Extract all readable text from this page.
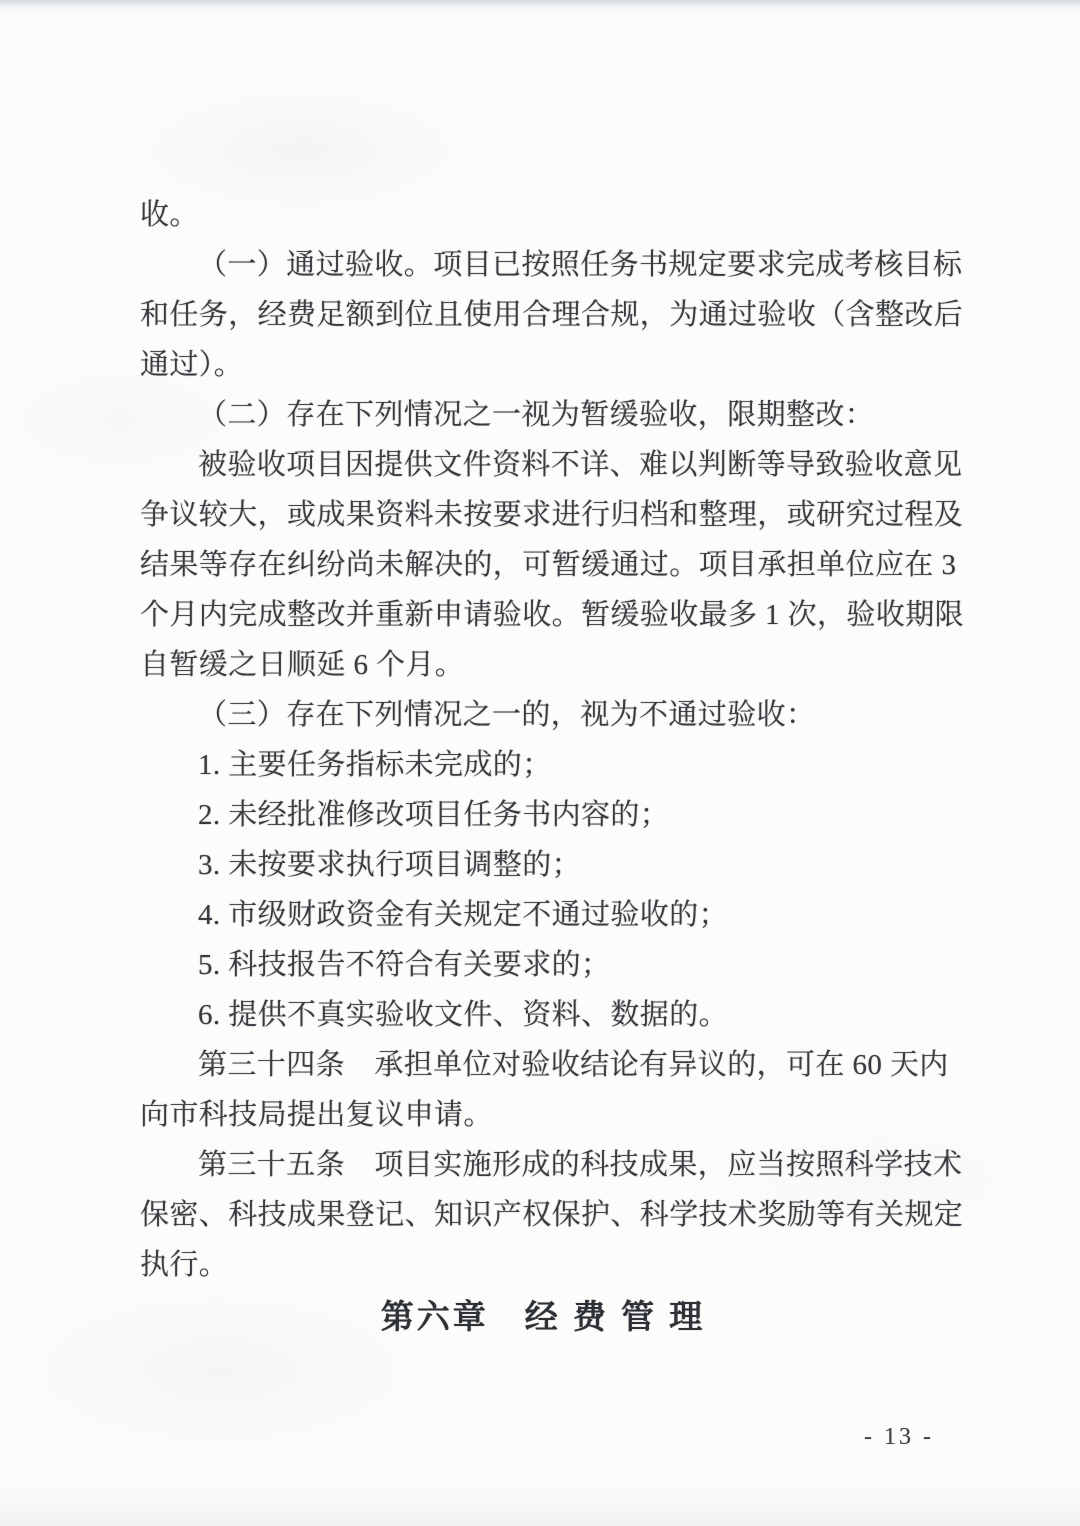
收。
（一）通过验收。项目已按照任务书规定要求完成考核目标
和任务，经费足额到位且使用合理合规，为通过验收（含整改后
通过）。
（二）存在下列情况之一视为暂缓验收，限期整改：
被验收项目因提供文件资料不详、难以判断等导致验收意见
争议较大，或成果资料未按要求进行归档和整理，或研究过程及
结果等存在纠纷尚未解决的，可暂缓通过。项目承担单位应在 3
个月内完成整改并重新申请验收。暂缓验收最多 1 次，验收期限
自暂缓之日顺延 6 个月。
（三）存在下列情况之一的，视为不通过验收：
1. 主要任务指标未完成的；
2. 未经批准修改项目任务书内容的；
3. 未按要求执行项目调整的；
4. 市级财政资金有关规定不通过验收的；
5. 科技报告不符合有关要求的；
6. 提供不真实验收文件、资料、数据的。
第三十四条　承担单位对验收结论有异议的，可在 60 天内
向市科技局提出复议申请。
第三十五条　项目实施形成的科技成果，应当按照科学技术
保密、科技成果登记、知识产权保护、科学技术奖励等有关规定
执行。
第六章　经 费 管 理
- 13 -
